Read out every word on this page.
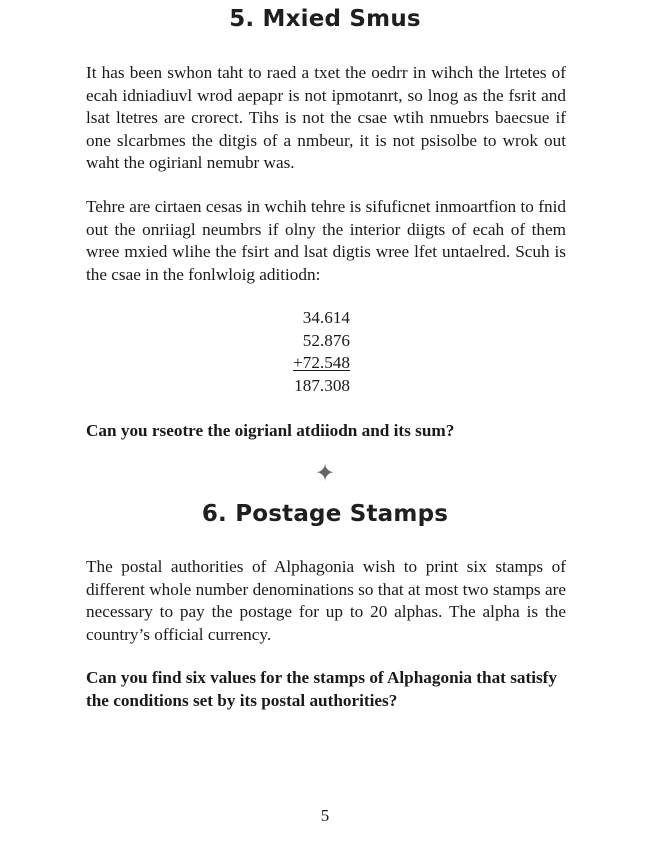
5. Mxied Smus

It has been swhon taht to raed a txet the oedrr in wihch the lrtetes of ecah idniadiuvl wrod aepapr is not ipmotanrt, so lnog as the fsrit and lsat ltetres are crorect. Tihs is not the csae wtih nmuebrs baecsue if one slcarbmes the ditgis of a nmbeur, it is not psisolbe to wrok out waht the ogirianl nemubr was.

Tehre are cirtaen cesas in wchih tehre is sifuficnet inmoartfion to fnid out the onriiagl neumbrs if olny the interior diigts of ecah of them wree mxied wlihe the fsirt and lsat digtis wree lfet untaelred. Scuh is the csae in the fonlwloig aditiodn:

34.614
52.876
+72.548
187.308

Can you rseotre the oigrianl atdiiodn and its sum?

✦
6. Postage Stamps

The postal authorities of Alphagonia wish to print six stamps of different whole number denominations so that at most two stamps are necessary to pay the postage for up to 20 alphas. The alpha is the country’s official currency.

Can you find six values for the stamps of Alphagonia that satisfy the conditions set by its postal authorities?

5
